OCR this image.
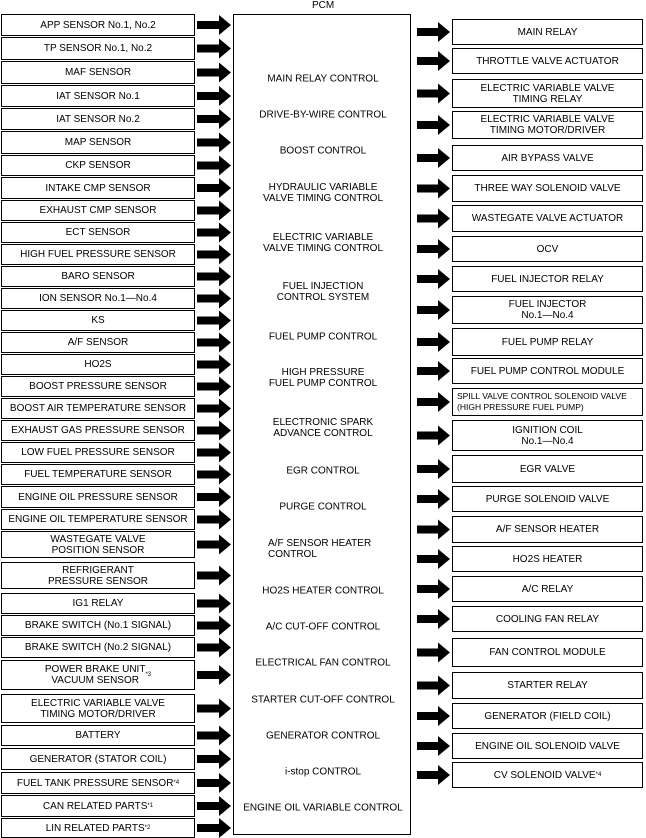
PCM
MAIN RELAY CONTROL
DRIVE-BY-WIRE CONTROL
BOOST CONTROL
HYDRAULIC VARIABLE
VALVE TIMING CONTROL
ELECTRIC VARIABLE
VALVE TIMING CONTROL
FUEL INJECTION
CONTROL SYSTEM
FUEL PUMP CONTROL
HIGH PRESSURE
FUEL PUMP CONTROL
ELECTRONIC SPARK
ADVANCE CONTROL
EGR CONTROL
PURGE CONTROL
A/F SENSOR HEATER
CONTROL
HO2S HEATER CONTROL
A/C CUT-OFF CONTROL
ELECTRICAL FAN CONTROL
STARTER CUT-OFF CONTROL
GENERATOR CONTROL
i-stop CONTROL
ENGINE OIL VARIABLE CONTROL
APP SENSOR No.1, No.2
TP SENSOR No.1, No.2
MAF SENSOR
IAT SENSOR No.1
IAT SENSOR No.2
MAP SENSOR
CKP SENSOR
INTAKE CMP SENSOR
EXHAUST CMP SENSOR
ECT SENSOR
HIGH FUEL PRESSURE SENSOR
BARO SENSOR
ION SENSOR No.1—No.4
KS
A/F SENSOR
HO2S
BOOST PRESSURE SENSOR
BOOST AIR TEMPERATURE SENSOR
EXHAUST GAS PRESSURE SENSOR
LOW FUEL PRESSURE SENSOR
FUEL TEMPERATURE SENSOR
ENGINE OIL PRESSURE SENSOR
ENGINE OIL TEMPERATURE SENSOR
WASTEGATE VALVE
POSITION SENSOR
REFRIGERANT
PRESSURE SENSOR
IG1 RELAY
BRAKE SWITCH (No.1 SIGNAL)
BRAKE SWITCH (No.2 SIGNAL)
POWER BRAKE UNIT
VACUUM SENSOR
*3
ELECTRIC VARIABLE VALVE
TIMING MOTOR/DRIVER
BATTERY
GENERATOR (STATOR COIL)
FUEL TANK PRESSURE SENSOR *4
CAN RELATED PARTS *1
LIN RELATED PARTS *2
MAIN RELAY
THROTTLE VALVE ACTUATOR
ELECTRIC VARIABLE VALVE
TIMING RELAY
ELECTRIC VARIABLE VALVE
TIMING MOTOR/DRIVER
AIR BYPASS VALVE
THREE WAY SOLENOID VALVE
WASTEGATE VALVE ACTUATOR
OCV
FUEL INJECTOR RELAY
FUEL INJECTOR
No.1—No.4
FUEL PUMP RELAY
FUEL PUMP CONTROL MODULE
SPILL VALVE CONTROL SOLENOID VALVE
(HIGH PRESSURE FUEL PUMP)
IGNITION COIL
No.1—No.4
EGR VALVE
PURGE SOLENOID VALVE
A/F SENSOR HEATER
HO2S HEATER
A/C RELAY
COOLING FAN RELAY
FAN CONTROL MODULE
STARTER RELAY
GENERATOR (FIELD COIL)
ENGINE OIL SOLENOID VALVE
CV SOLENOID VALVE *4
